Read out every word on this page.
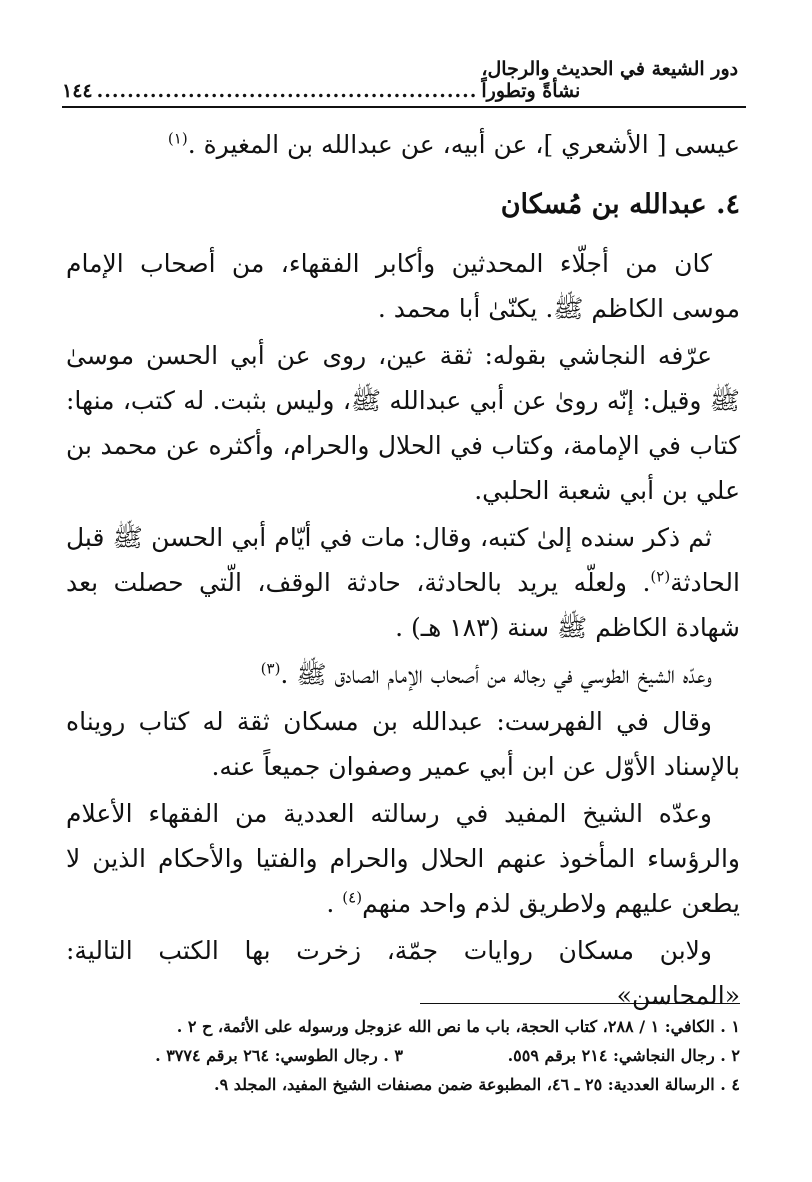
١٤٤ ..................................................
دور الشيعة في الحديث والرجال، نشأةً وتطوراً

عيسى [ الأشعري ]، عن أبيه، عن عبدالله بن المغيرة .$^{(١)}$

٤. عبدالله بن مُسكان

كان من أجلّاء المحدثين وأكابر الفقهاء، من أصحاب الإمام موسى الكاظم ﷺ. يكنّىٰ أبا محمد .

عرّفه النجاشي بقوله: ثقة عين، روى عن أبي الحسن موسىٰ ﷺ وقيل: إنّه روىٰ عن أبي عبدالله ﷺ، وليس بثبت. له كتب، منها: كتاب في الإمامة، وكتاب في الحلال والحرام، وأكثره عن محمد بن علي بن أبي شعبة الحلبي.

ثم ذكر سنده إلىٰ كتبه، وقال: مات في أيّام أبي الحسن ﷺ قبل الحادثة$^{(٢)}$. ولعلّه يريد بالحادثة، حادثة الوقف، الّتي حصلت بعد شهادة الكاظم ﷺ سنة (١٨٣ هـ) .

وعدّه الشيخ الطوسي في رجاله من أصحاب الإمام الصادق ﷺ .$^{(٣)}$

وقال في الفهرست: عبدالله بن مسكان ثقة له كتاب رويناه بالإسناد الأوّل عن ابن أبي عمير وصفوان جميعاً عنه.

وعدّه الشيخ المفيد في رسالته العددية من الفقهاء الأعلام والرؤساء المأخوذ عنهم الحلال والحرام والفتيا والأحكام الذين لا يطعن عليهم ولاطريق لذم واحد منهم$^{(٤)}$ .

ولابن مسكان روايات جمّة، زخرت بها الكتب التالية: «المحاسن»

١ . الكافي: ١ / ٢٨٨، كتاب الحجة، باب ما نص الله عزوجل ورسوله على الأئمة، ح ٢ .
٢ . رجال النجاشي: ٢١٤ برقم ٥٥٩.
٣ . رجال الطوسي: ٢٦٤ برقم ٣٧٧٤ .
٤ . الرسالة العددية: ٢٥ ـ ٤٦، المطبوعة ضمن مصنفات الشيخ المفيد، المجلد ٩.
